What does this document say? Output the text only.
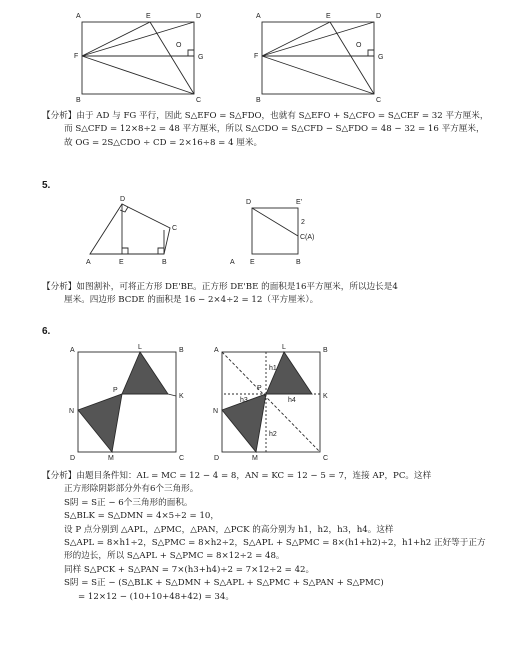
A	E	D
F
O
G
B	C
A	E	D
F
O
G
B	C
【分析】由于 AD 与 FG 平行，因此 S△EFO = S△FDO，也就有 S△EFO + S△CFO = S△CEF = 32 平方厘米，
而 S△CFD = 12×8÷2 = 48 平方厘米，所以 S△CDO = S△CFD − S△FDO = 48 − 32 = 16 平方厘米，
故 OG = 2S△CDO ÷ CD = 2×16÷8 = 4 厘米。
5.
D
C
A	E	B
D	E'
2
C(A)
A E	B
【分析】如图割补，可将正方形 DE'BE。正方形 DE'BE 的面积是16平方厘米，所以边长是4
厘米。四边形 BCDE 的面积是 16 − 2×4÷2 = 12（平方厘米）。
6.
A	L	B
P
K
N
D	M	C
A	L	B
h1
P
h3	h4
K
N
h2
D	M	C
【分析】由题目条件知：AL = MC = 12 − 4 = 8，AN = KC = 12 − 5 = 7，连接 AP，PC。这样
正方形除阴影部分外有6个三角形。
S阴 = S正 − 6个三角形的面积。
S△BLK = S△DMN = 4×5÷2 = 10，
设 P 点分别到 △APL，△PMC，△PAN，△PCK 的高分别为 h1，h2，h3，h4。这样
S△APL = 8×h1÷2，S△PMC = 8×h2÷2，S△APL + S△PMC = 8×(h1+h2)÷2，h1+h2 正好等于正方
形的边长，所以 S△APL + S△PMC = 8×12÷2 = 48。
同样 S△PCK + S△PAN = 7×(h3+h4)÷2 = 7×12÷2 = 42。
S阴 = S正 − (S△BLK + S△DMN + S△APL + S△PMC + S△PAN + S△PMC)
= 12×12 − (10+10+48+42) = 34。
